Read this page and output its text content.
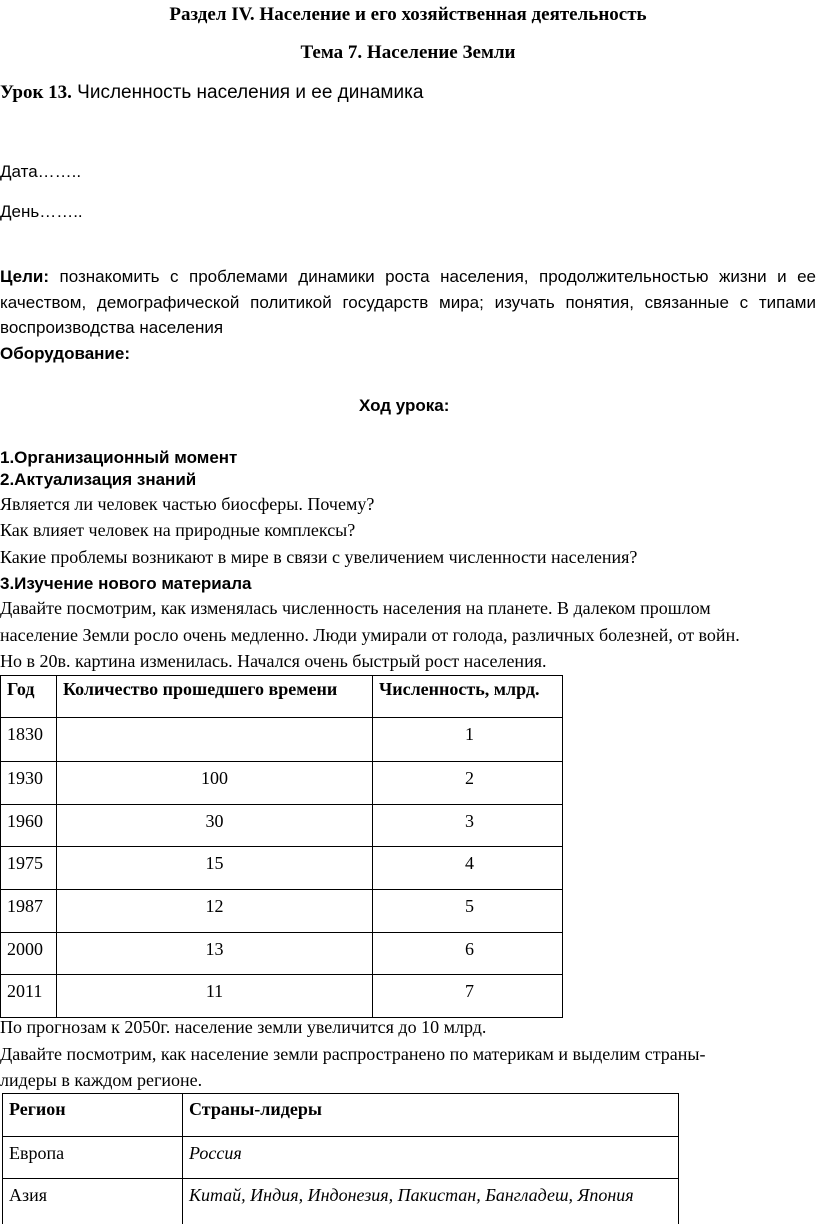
Раздел IV. Население и его хозяйственная деятельность
Тема 7. Население Земли
Урок 13. Численность населения и ее динамика
Дата……..
День……..
Цели: познакомить с проблемами динамики роста населения, продолжительностью жизни и ее
качеством, демографической политикой государств мира; изучать понятия, связанные с типами
воспроизводства населения
Оборудование:
Ход урока:
1.Организационный момент
2.Актуализация знаний
Является ли человек частью биосферы. Почему?
Как влияет человек на природные комплексы?
Какие проблемы возникают в мире в связи с увеличением численности населения?
3.Изучение нового материала
Давайте посмотрим, как изменялась численность населения на планете. В далеком прошлом
население Земли росло очень медленно. Люди умирали от голода, различных болезней, от войн.
Но в 20в. картина изменилась. Начался очень быстрый рост населения.
Год	Количество прошедшего времени	Численность, млрд.
1830		1
1930	100	2
1960	30	3
1975	15	4
1987	12	5
2000	13	6
2011	11	7
По прогнозам к 2050г. население земли увеличится до 10 млрд.
Давайте посмотрим, как население земли распространено по материкам и выделим страны-
лидеры в каждом регионе.
Регион	Страны-лидеры
Европа	Россия
Азия	Китай, Индия, Индонезия, Пакистан, Бангладеш, Япония
